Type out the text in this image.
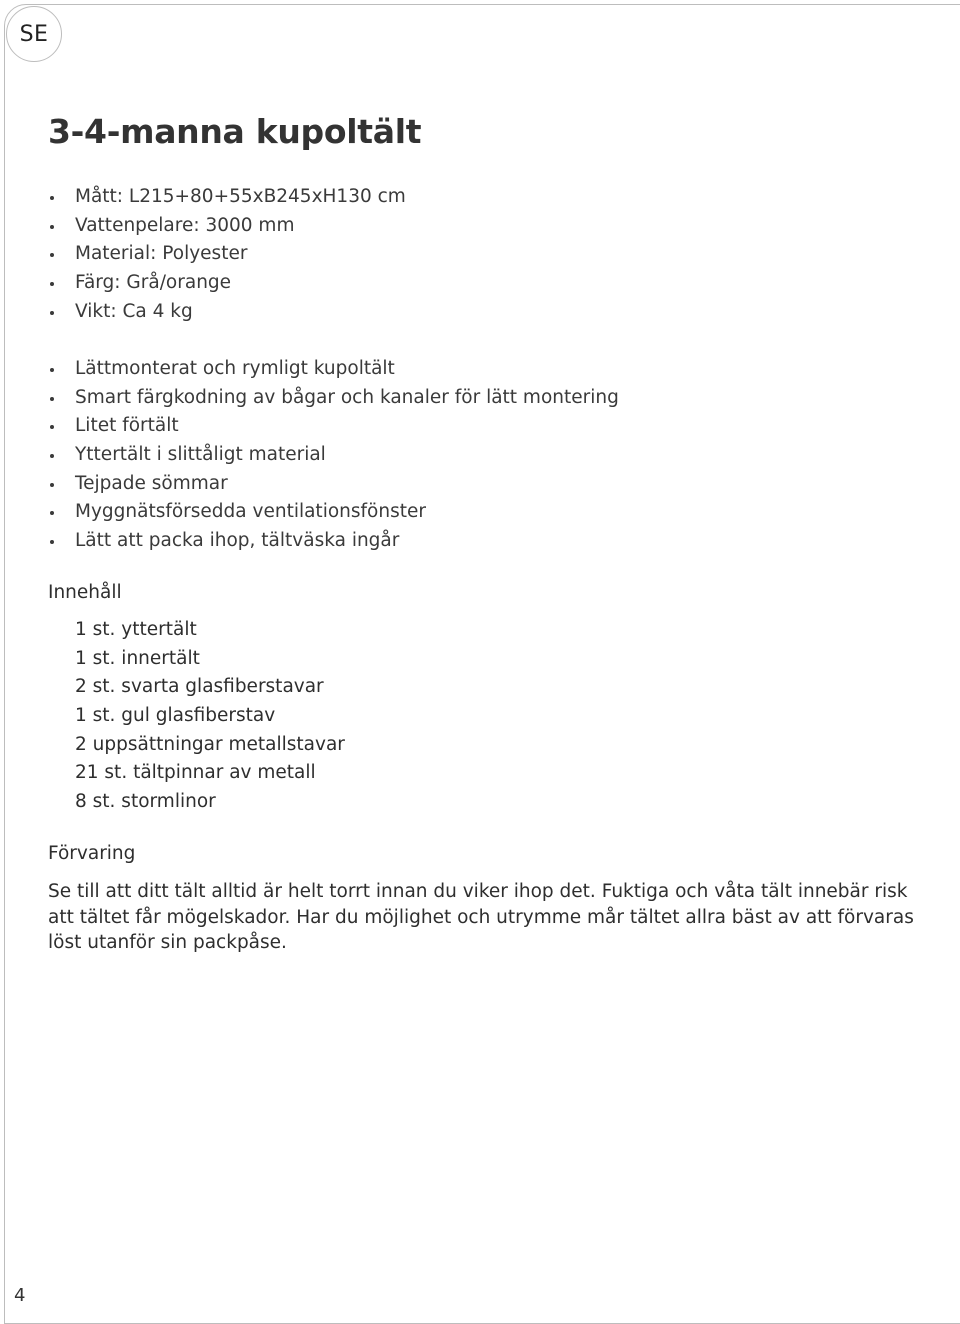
SE
3-4-manna kupoltält
Mått: L215+80+55xB245xH130 cm
Vattenpelare: 3000 mm
Material: Polyester
Färg: Grå/orange
Vikt: Ca 4 kg
Lättmonterat och rymligt kupoltält
Smart färgkodning av bågar och kanaler för lätt montering
Litet förtält
Yttertält i slittåligt material
Tejpade sömmar
Myggnätsförsedda ventilationsfönster
Lätt att packa ihop, tältväska ingår
Innehåll
1 st. yttertält
1 st. innertält
2 st. svarta glasfiberstavar
1 st. gul glasfiberstav
2 uppsättningar metallstavar
21 st. tältpinnar av metall
8 st. stormlinor
Förvaring

Se till att ditt tält alltid är helt torrt innan du viker ihop det. Fuktiga och våta tält innebär risk att tältet får mögelskador. Har du möjlighet och utrymme mår tältet allra bäst av att förvaras löst utanför sin packpåse.

4
